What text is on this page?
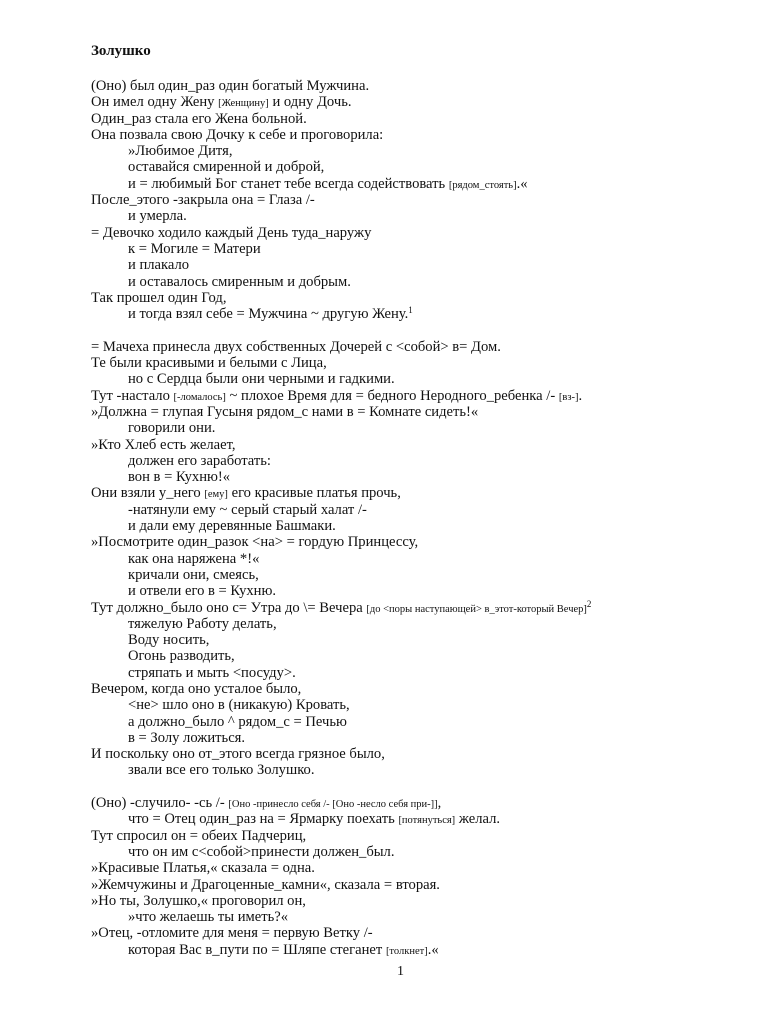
Золушко
(Оно) был один_раз один богатый Мужчина.
Он имел одну Жену [Женщину] и одну Дочь.
Один_раз стала его Жена больной.
Она позвала свою Дочку к себе и проговорила:
»Любимое Дитя,
оставайся смиренной и доброй,
и = любимый Бог станет тебе всегда содействовать [рядом_стоять].«
После_этого -закрыла она = Глаза /-
и умерла.
= Девочко ходило каждый День туда_наружу
к = Могиле = Матери
и плакало
и оставалось смиренным и добрым.
Так прошел один Год,
и тогда взял себе = Мужчина ~ другую Жену.$^1$
= Мачеха принесла двух собственных Дочерей с <собой> в= Дом.
Те были красивыми и белыми с Лица,
но с Сердца были они черными и гадкими.
Тут -настало [-ломалось] ~ плохое Время для = бедного Неродного_ребенка /- [вз-].
»Должна = глупая Гусыня рядом_с нами в = Комнате сидеть!«
говорили они.
»Кто Хлеб есть желает,
должен его заработать:
вон в = Кухню!«
Они взяли у_него [ему] его красивые платья прочь,
-натянули ему ~ серый старый халат /-
и дали ему деревянные Башмаки.
»Посмотрите один_разок <на> = гордую Принцессу,
как она наряжена *!«
кричали они, смеясь,
и отвели его в = Кухню.
Тут должно_было оно с= Утра до \= Вечера [до <поры наступающей> в_этот-который Вечер]$^2$
тяжелую Работу делать,
Воду носить,
Огонь разводить,
стряпать и мыть <посуду>.
Вечером, когда оно усталое было,
<не> шло оно в (никакую) Кровать,
а должно_было ^ рядом_с = Печью
в = Золу ложиться.
И поскольку оно от_этого всегда грязное было,
звали все его только Золушко.
(Оно) -случило- -сь /- [Оно -принесло себя /- [Оно -несло себя при-]],
что = Отец один_раз на = Ярмарку поехать [потянуться] желал.
Тут спросил он = обеих Падчериц,
что он им с<собой>принести должен_был.
»Красивые Платья,« сказала = одна.
»Жемчужины и Драгоценные_камни«, сказала = вторая.
»Но ты, Золушко,« проговорил он,
»что желаешь ты иметь?«
»Отец, -отломите для меня = первую Ветку /-
которая Вас в_пути по = Шляпе стеганет [толкнет].«
1
